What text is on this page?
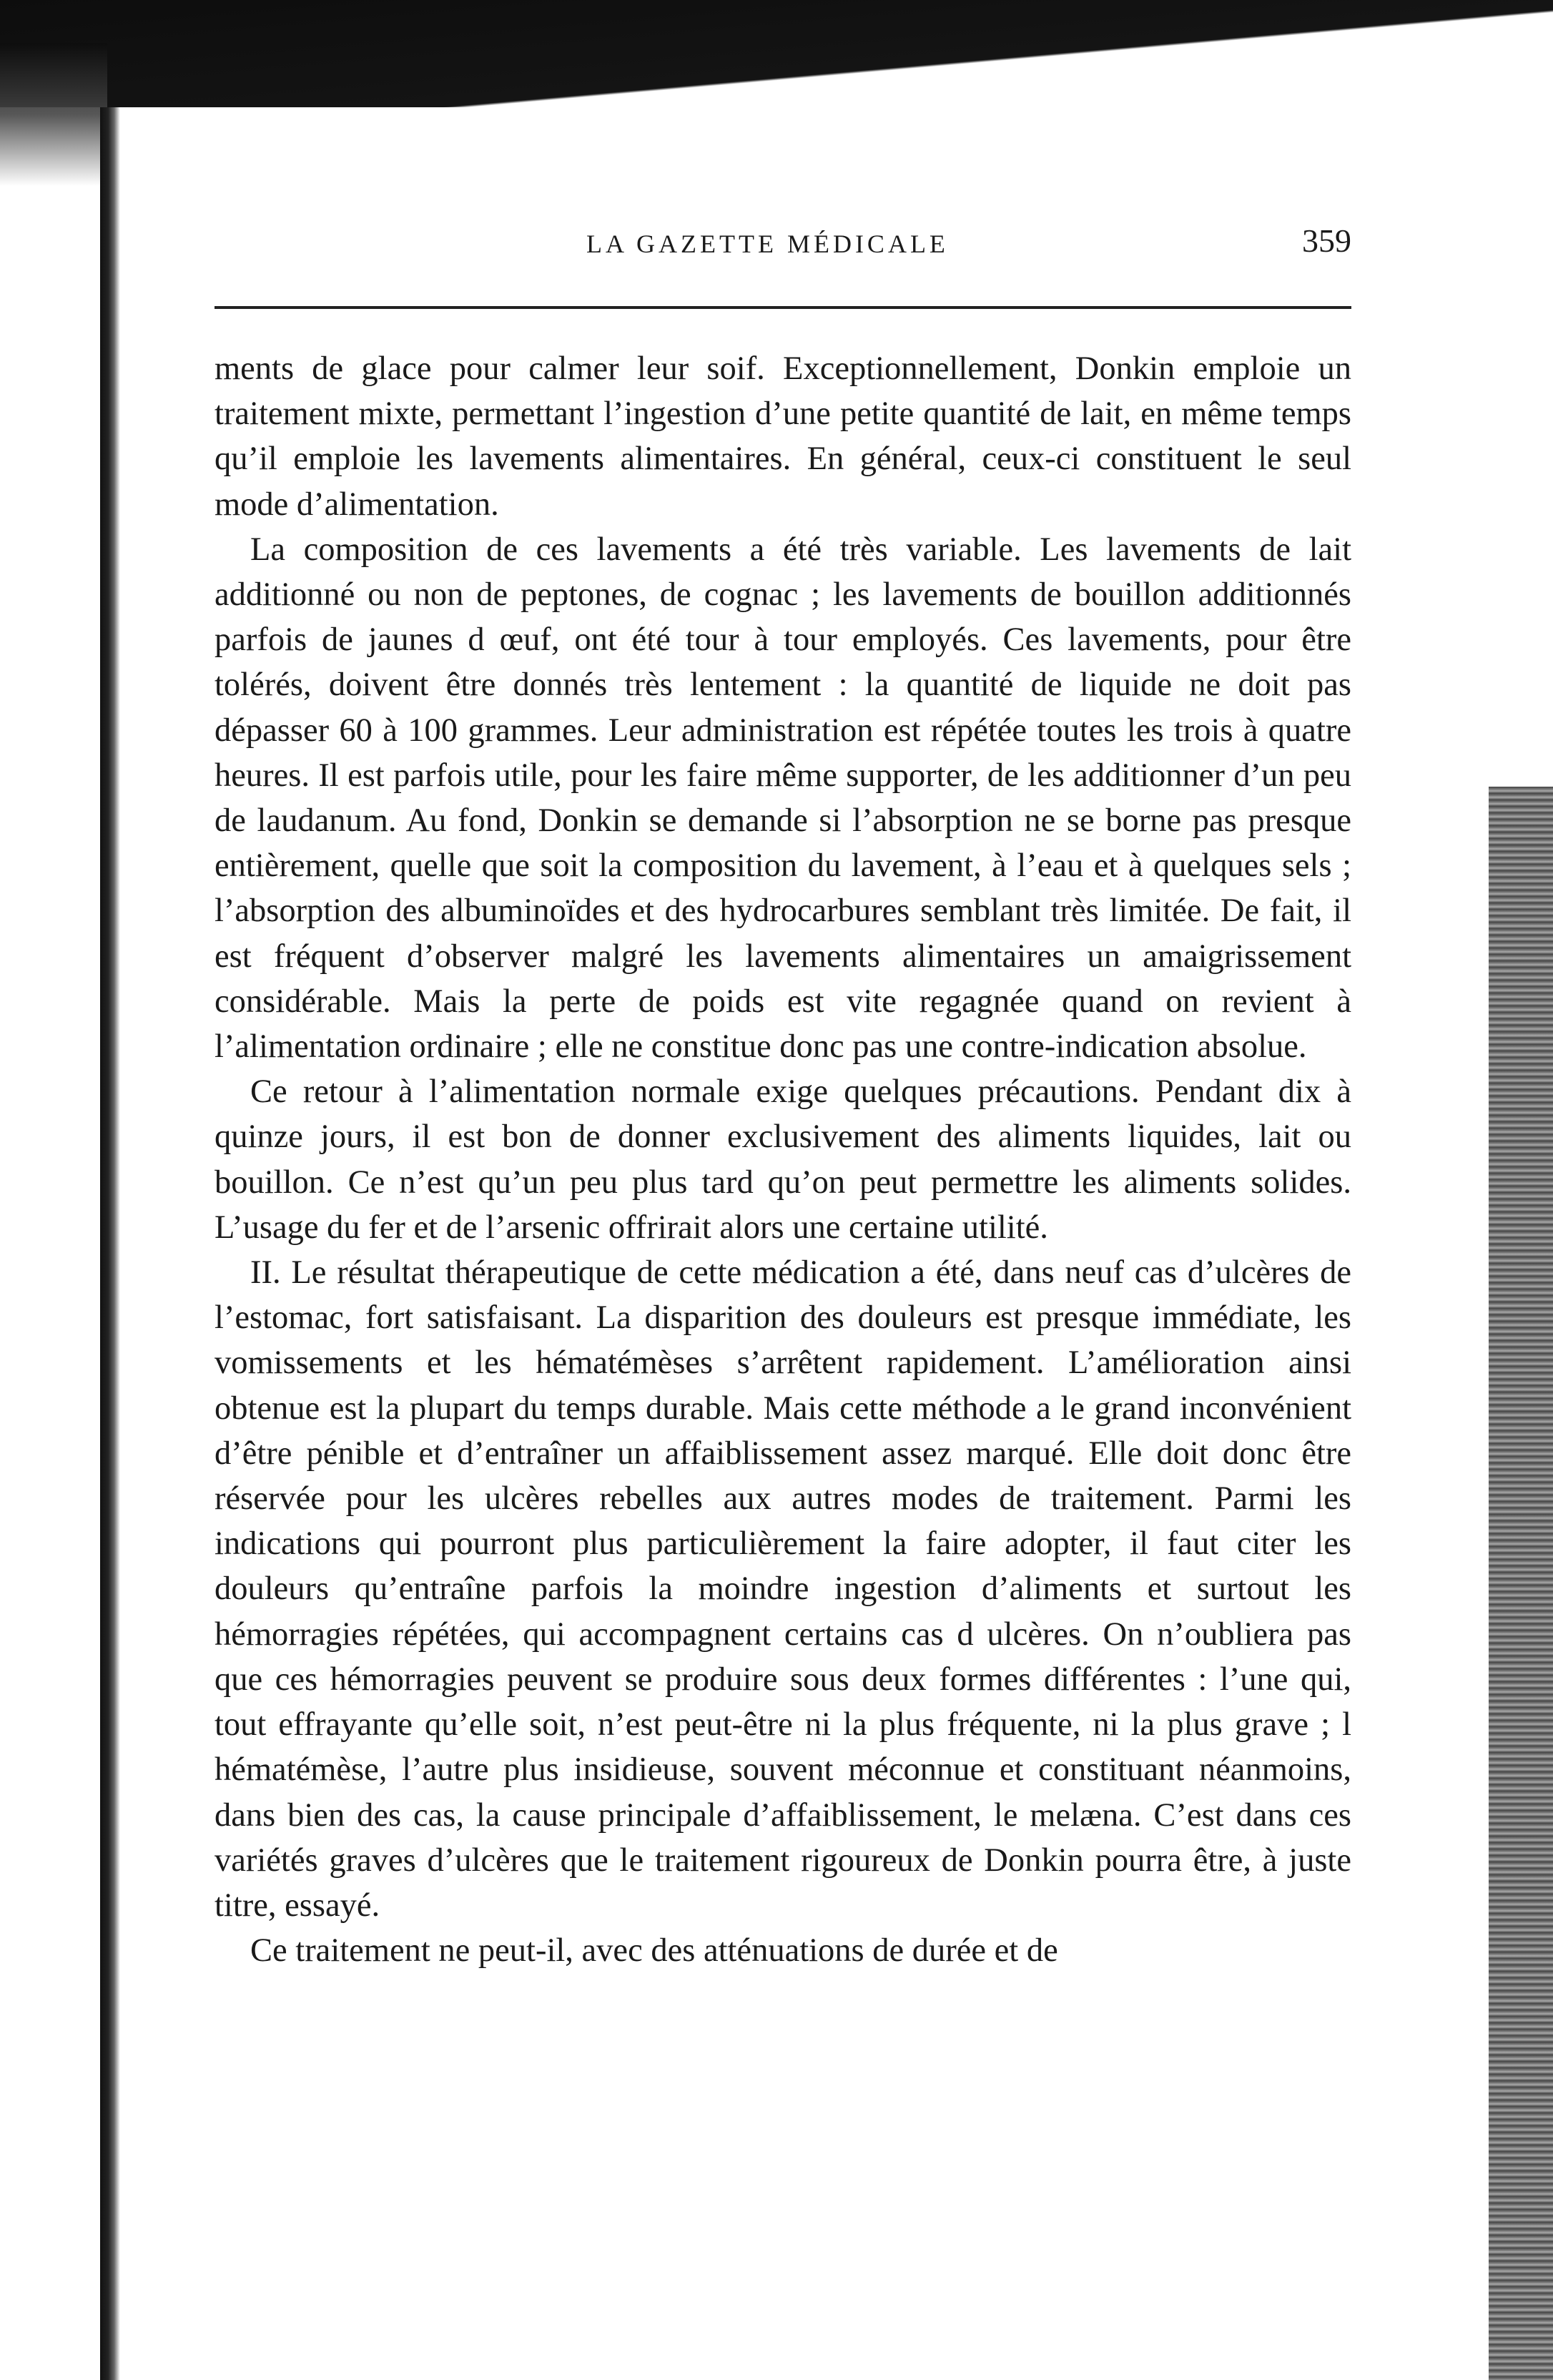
LA GAZETTE MÉDICALE	359

ments de glace pour calmer leur soif. Exceptionnellement, Donkin emploie un traitement mixte, permettant l’ingestion d’une petite quantité de lait, en même temps qu’il emploie les lavements alimentaires. En général, ceux-ci constituent le seul mode d’alimentation.

La composition de ces lavements a été très variable. Les lavements de lait additionné ou non de peptones, de cognac ; les lavements de bouillon additionnés parfois de jaunes d œuf, ont été tour à tour employés. Ces lavements, pour être tolérés, doivent être donnés très lentement : la quantité de liquide ne doit pas dépasser 60 à 100 grammes. Leur administration est répétée toutes les trois à quatre heures. Il est parfois utile, pour les faire même supporter, de les additionner d’un peu de laudanum. Au fond, Donkin se demande si l’absorption ne se borne pas presque entièrement, quelle que soit la composition du lavement, à l’eau et à quelques sels ; l’absorption des albuminoïdes et des hydrocarbures semblant très limitée. De fait, il est fréquent d’observer malgré les lavements alimentaires un amaigrissement considérable. Mais la perte de poids est vite regagnée quand on revient à l’alimentation ordinaire ; elle ne constitue donc pas une contre-indication absolue.

Ce retour à l’alimentation normale exige quelques précautions. Pendant dix à quinze jours, il est bon de donner exclusivement des aliments liquides, lait ou bouillon. Ce n’est qu’un peu plus tard qu’on peut permettre les aliments solides. L’usage du fer et de l’arsenic offrirait alors une certaine utilité.

II. Le résultat thérapeutique de cette médication a été, dans neuf cas d’ulcères de l’estomac, fort satisfaisant. La disparition des douleurs est presque immédiate, les vomissements et les hématémèses s’arrêtent rapidement. L’amélioration ainsi obtenue est la plupart du temps durable. Mais cette méthode a le grand inconvénient d’être pénible et d’entraîner un affaiblissement assez marqué. Elle doit donc être réservée pour les ulcères rebelles aux autres modes de traitement. Parmi les indications qui pourront plus particulièrement la faire adopter, il faut citer les douleurs qu’entraîne parfois la moindre ingestion d’aliments et surtout les hémorragies répétées, qui accompagnent certains cas d ulcères. On n’oubliera pas que ces hémorragies peuvent se produire sous deux formes différentes : l’une qui, tout effrayante qu’elle soit, n’est peut-être ni la plus fréquente, ni la plus grave ; l hématémèse, l’autre plus insidieuse, souvent méconnue et constituant néanmoins, dans bien des cas, la cause principale d’affaiblissement, le melæna. C’est dans ces variétés graves d’ulcères que le traitement rigoureux de Donkin pourra être, à juste titre, essayé.

Ce traitement ne peut-il, avec des atténuations de durée et de
